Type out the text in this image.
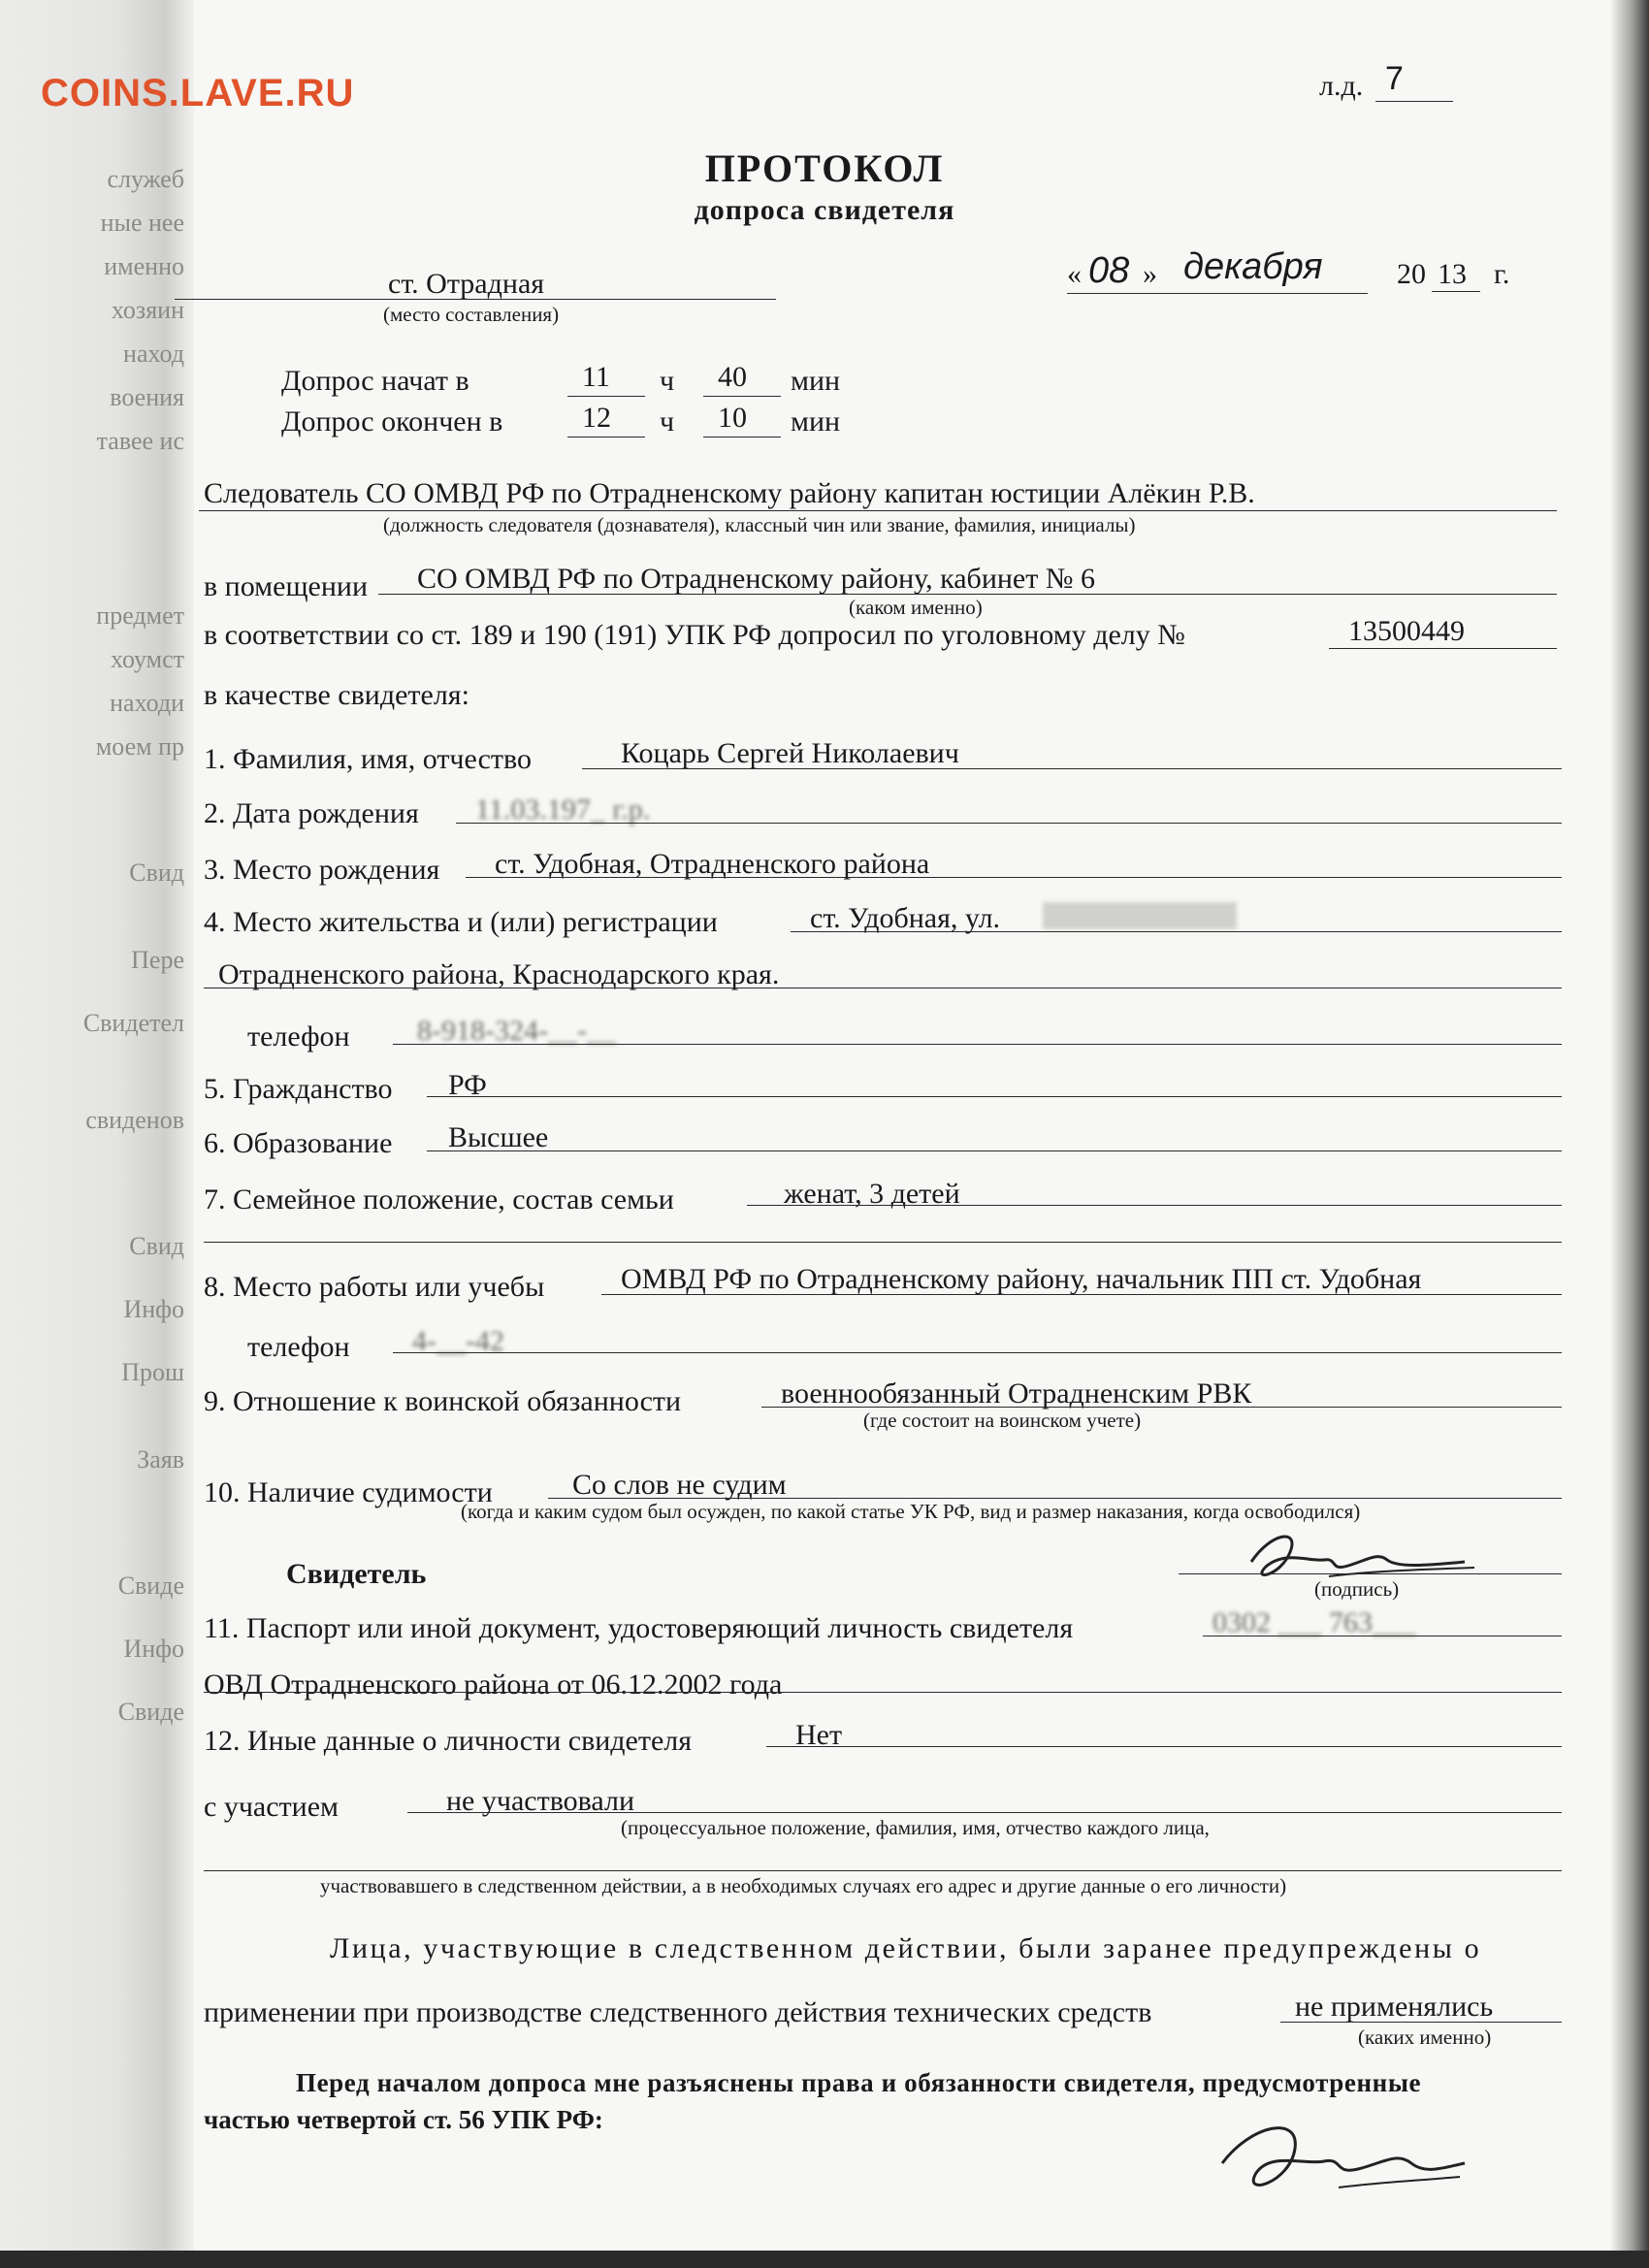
служеб
ные нее
именно
хозяин
наход
воения
тавее ис
предмет
хоумст
находи
моем пр
Свид
Пере
Свидетел
свиденов
Свид
Инфо
Прош
Заяв
Свиде
Инфо
Свиде
COINS.LAVE.RU	л.д. 7
ПРОТОКОЛ
допроса свидетеля
ст. Отрадная
(место составления)
« 08 » декабря	20 13 г.
Допрос начат в	11 ч 40 мин
Допрос окончен в	12 ч 10 мин
Следователь СО ОМВД РФ по Отрадненскому району капитан юстиции Алёкин Р.В.
(должность следователя (дознавателя), классный чин или звание, фамилия, инициалы)
в помещении СО ОМВД РФ по Отрадненскому району, кабинет № 6
(каком именно)
в соответствии со ст. 189 и 190 (191) УПК РФ допросил по уголовному делу №	13500449
в качестве свидетеля:
1. Фамилия, имя, отчество	Коцарь Сергей Николаевич
2. Дата рождения 11.03.197_ г.р.
3. Место рождения ст. Удобная, Отрадненского района
4. Место жительства и (или) регистрации	ст. Удобная, ул.
Отрадненского района, Краснодарского края.
телефон 8-918-324-__-__
5. Гражданство РФ
6. Образование Высшее
7. Семейное положение, состав семьи	женат, 3 детей
8. Место работы или учебы	ОМВД РФ по Отрадненскому району, начальник ПП ст. Удобная
телефон 4-__-42
9. Отношение к воинской обязанности	военнообязанный Отрадненским РВК
(где состоит на воинском учете)
10. Наличие судимости	Со слов не судим
(когда и каким судом был осужден, по какой статье УК РФ, вид и размер наказания, когда освободился)
Свидетель	(подпись)
11. Паспорт или иной документ, удостоверяющий личность свидетеля	0302 ___ 763___
ОВД Отрадненского района от 06.12.2002 года
12. Иные данные о личности свидетеля	Нет
с участием	не участвовали
(процессуальное положение, фамилия, имя, отчество каждого лица,
участвовавшего в следственном действии, а в необходимых случаях его адрес и другие данные о его личности)
Лица, участвующие в следственном действии, были заранее предупреждены о
применении при производстве следственного действия технических средств	не применялись
(каких именно)
Перед началом допроса мне разъяснены права и обязанности свидетеля, предусмотренные
частью четвертой ст. 56 УПК РФ:
